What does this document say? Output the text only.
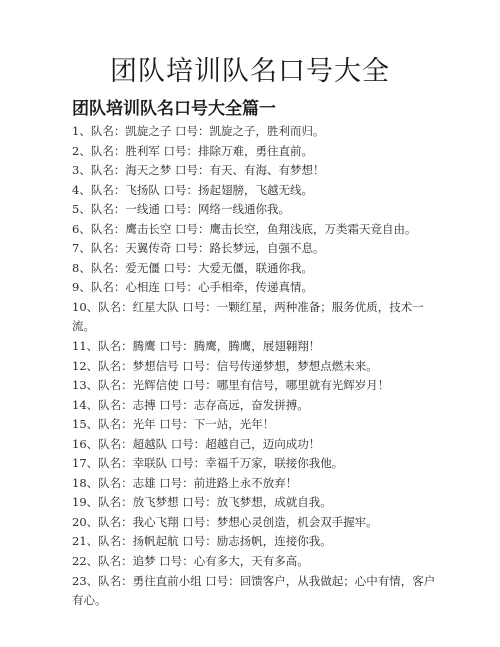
团队培训队名口号大全
团队培训队名口号大全篇一
1、队名：凯旋之子 口号：凯旋之子，胜利而归。
2、队名：胜利军 口号：排除万难，勇往直前。
3、队名：海天之梦 口号：有天、有海、有梦想！
4、队名：飞扬队 口号：扬起翅膀，飞越无线。
5、队名：一线通 口号：网络一线通你我。
6、队名：鹰击长空 口号：鹰击长空，鱼翔浅底，万类霜天竞自由。
7、队名：天翼传奇 口号：路长梦远，自强不息。
8、队名：爱无僵 口号：大爱无僵，联通你我。
9、队名：心相连 口号：心手相牵，传递真情。
10、队名：红星大队 口号：一颗红星，两种准备；服务优质，技术一流。
11、队名：腾鹰 口号：腾鹰，腾鹰，展翅翱翔！
12、队名：梦想信号 口号：信号传递梦想，梦想点燃未来。
13、队名：光辉信使 口号：哪里有信号，哪里就有光辉岁月！
14、队名：志搏 口号：志存高远，奋发拼搏。
15、队名：光年 口号：下一站，光年！
16、队名：超越队 口号：超越自己，迈向成功！
17、队名：幸联队 口号：幸福千万家，联接你我他。
18、队名：志雄 口号：前进路上永不放弃！
19、队名：放飞梦想 口号：放飞梦想，成就自我。
20、队名：我心飞翔 口号：梦想心灵创造，机会双手握牢。
21、队名：扬帆起航 口号：励志扬帆，连接你我。
22、队名：追梦 口号：心有多大，天有多高。
23、队名：勇往直前小组 口号：回馈客户，从我做起；心中有情，客户有心。
